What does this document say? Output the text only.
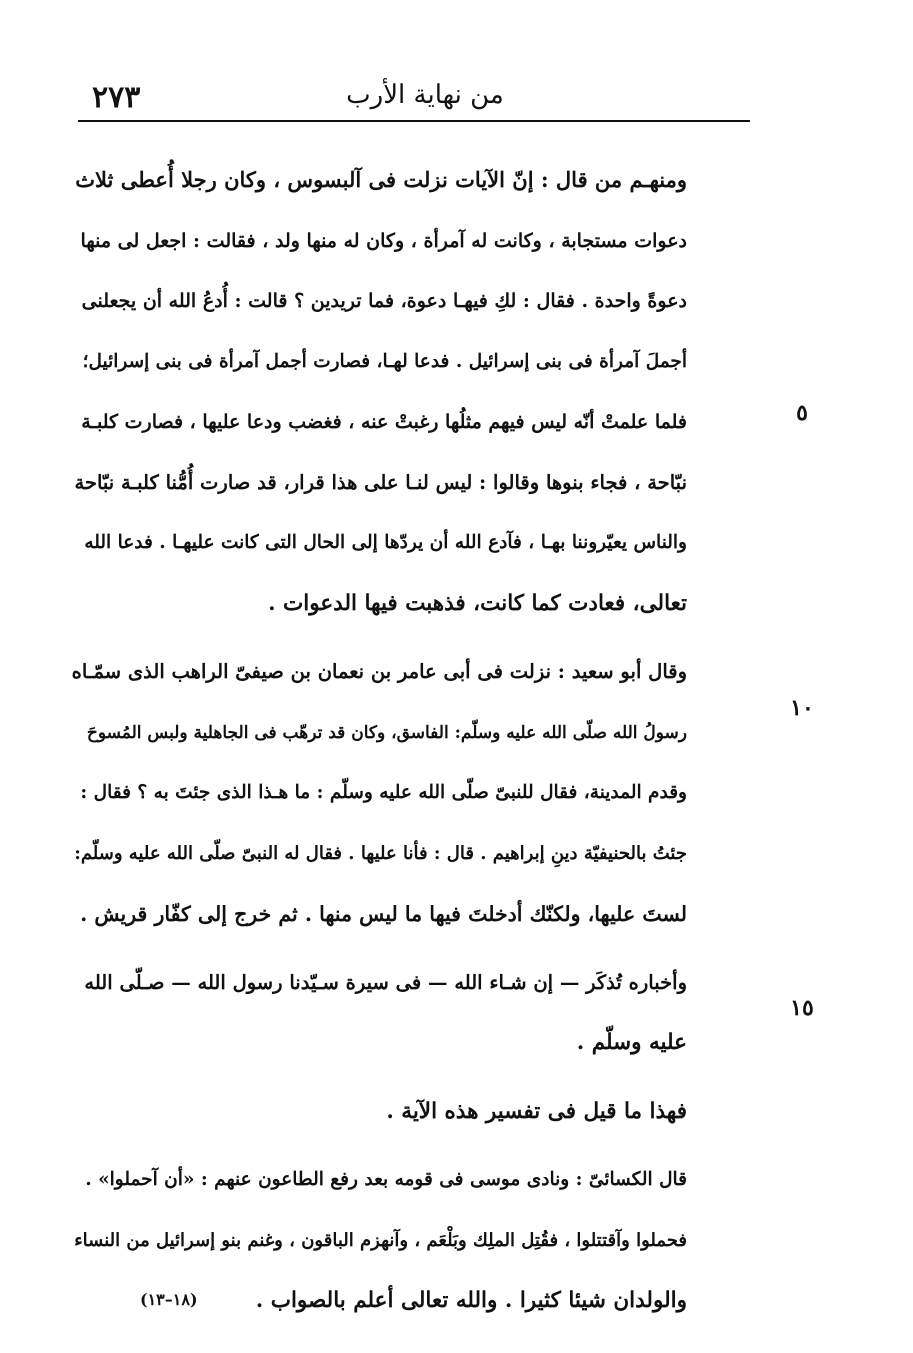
٢٧٣	من نهاية الأرب
٥
١٠
١٥

ومنهـم من قال : إنّ الآيات نزلت فى آلبسوس ، وكان رجلا أُعطى ثلاث
دعوات مستجابة ، وكانت له آمرأة ، وكان له منها ولد ، فقالت : اجعل لى منها
دعوةً واحدة . فقال : لكِ فيهـا دعوة، فما تريدين ؟ قالت : أُدعُ الله أن يجعلنى
أجملَ آمرأة فى بنى إسرائيل . فدعا لهـا، فصارت أجمل آمرأة فى بنى إسرائيل؛
فلما علمتْ أنّه ليس فيهم مثلُها رغبتْ عنه ، فغضب ودعا عليها ، فصارت كلبـة
نبّاحة ، فجاء بنوها وقالوا : ليس لنـا على هذا قرار، قد صارت أُمُّنا كلبـة نبّاحة
والناس يعيّروننا بهـا ، فآدع الله أن يردّها إلى الحال التى كانت عليهـا . فدعا الله
تعالى، فعادت كما كانت، فذهبت فيها الدعوات .

وقال أبو سعيد : نزلت فى أبى عامر بن نعمان بن صيفىّ الراهب الذى سمّـاه
رسولُ الله صلّى الله عليه وسلّم: الفاسق، وكان قد ترهّب فى الجاهلية ولبس المُسوحَ
وقدم المدينة، فقال للنبىّ صلّى الله عليه وسلّم : ما هـذا الذى جئتَ به ؟ فقال :
جئتُ بالحنيفيّة دينِ إبراهيم . قال : فأنا عليها . فقال له النبىّ صلّى الله عليه وسلّم:
لستَ عليها، ولكنّك أدخلتَ فيها ما ليس منها . ثم خرج إلى كفّار قريش .

وأخباره تُذكَر — إن شـاء الله — فى سيرة سـيّدنا رسول الله — صـلّى الله
عليه وسلّم .

فهذا ما قيل فى تفسير هذه الآية .

قال الكسائىّ : ونادى موسى فى قومه بعد رفع الطاعون عنهم : «أن آحملوا» .
فحملوا وآقتتلوا ، فقُتِل الملِك وبَلْعَم ، وآنهزم الباقون ، وغنم بنو إسرائيل من النساء
والولدان شيئا كثيرا . والله تعالى أعلم بالصواب .

(١٨–١٣)
